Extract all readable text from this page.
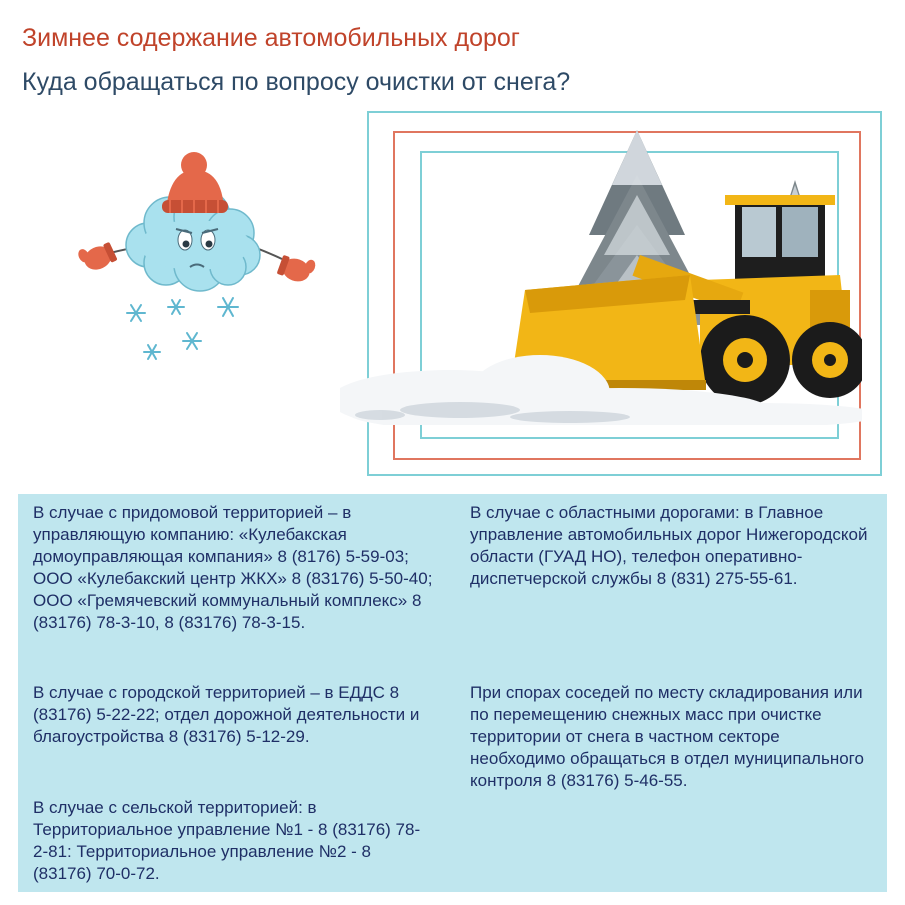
Зимнее содержание автомобильных дорог
Куда обращаться по вопросу очистки от снега?

В случае с придомовой территорией – в управляющую компанию: «Кулебакская домоуправляющая компания» 8 (8176) 5-59-03; ООО «Кулебакский центр ЖКХ» 8 (83176) 5-50-40; ООО «Гремячевский коммунальный комплекс» 8 (83176) 78-3-10, 8 (83176) 78-3-15.

В случае с городской территорией – в ЕДДС 8 (83176) 5-22-22; отдел дорожной деятельности и благоустройства 8 (83176) 5-12-29.

В случае с сельской территорией: в Территориальное управление №1 - 8 (83176) 78-2-81: Территориальное управление №2 - 8 (83176) 70-0-72.

В случае с областными дорогами: в Главное управление автомобильных дорог Нижегородской области (ГУАД НО), телефон оперативно-диспетчерской службы 8 (831) 275-55-61.

При спорах соседей по месту складирования или по перемещению снежных масс при очистке территории от снега в частном секторе необходимо обращаться в отдел муниципального контроля 8 (83176) 5-46-55.
